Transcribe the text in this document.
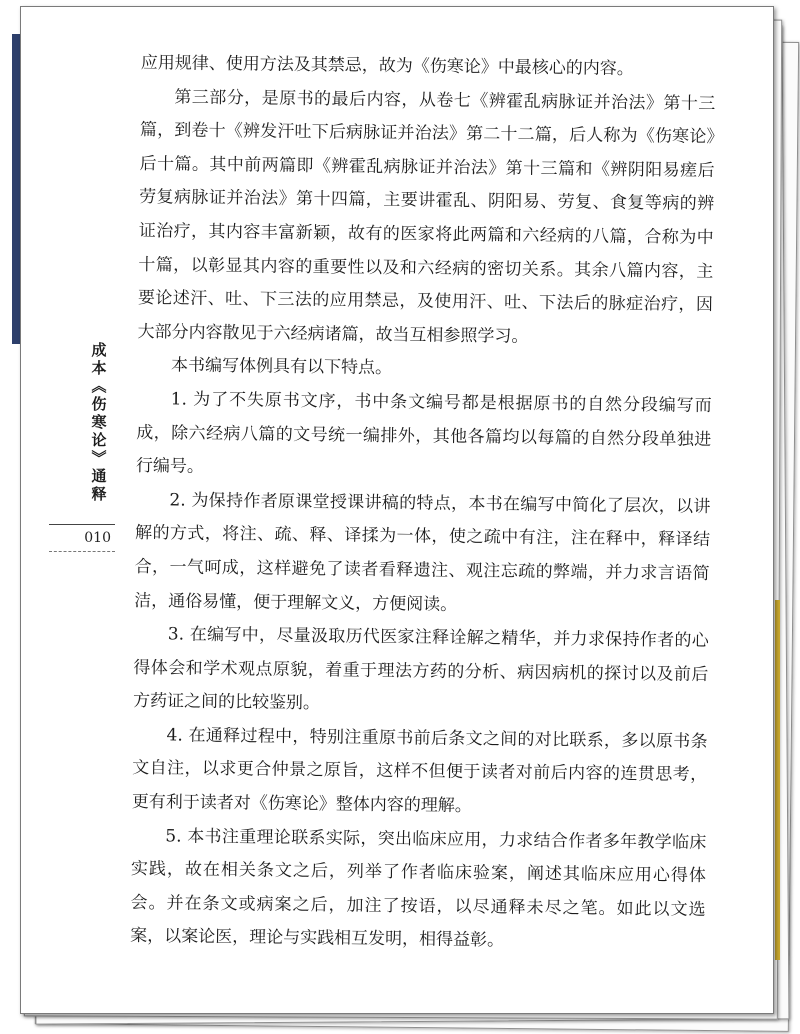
成本《伤寒论》通释
010

应用规律、使用方法及其禁忌，故为《伤寒论》中最核心的内容。

第三部分，是原书的最后内容，从卷七《辨霍乱病脉证并治法》第十三篇，到卷十《辨发汗吐下后病脉证并治法》第二十二篇，后人称为《伤寒论》后十篇。其中前两篇即《辨霍乱病脉证并治法》第十三篇和《辨阴阳易瘥后劳复病脉证并治法》第十四篇，主要讲霍乱、阴阳易、劳复、食复等病的辨证治疗，其内容丰富新颖，故有的医家将此两篇和六经病的八篇，合称为中十篇，以彰显其内容的重要性以及和六经病的密切关系。其余八篇内容，主要论述汗、吐、下三法的应用禁忌，及使用汗、吐、下法后的脉症治疗，因大部分内容散见于六经病诸篇，故当互相参照学习。

本书编写体例具有以下特点。

1. 为了不失原书文序，书中条文编号都是根据原书的自然分段编写而成，除六经病八篇的文号统一编排外，其他各篇均以每篇的自然分段单独进行编号。

2. 为保持作者原课堂授课讲稿的特点，本书在编写中简化了层次，以讲解的方式，将注、疏、释、译揉为一体，使之疏中有注，注在释中，释译结合，一气呵成，这样避免了读者看释遗注、观注忘疏的弊端，并力求言语简洁，通俗易懂，便于理解文义，方便阅读。

3. 在编写中，尽量汲取历代医家注释诠解之精华，并力求保持作者的心得体会和学术观点原貌，着重于理法方药的分析、病因病机的探讨以及前后方药证之间的比较鉴别。

4. 在通释过程中，特别注重原书前后条文之间的对比联系，多以原书条文自注，以求更合仲景之原旨，这样不但便于读者对前后内容的连贯思考，更有利于读者对《伤寒论》整体内容的理解。

5. 本书注重理论联系实际，突出临床应用，力求结合作者多年教学临床实践，故在相关条文之后，列举了作者临床验案，阐述其临床应用心得体会。并在条文或病案之后，加注了按语，以尽通释未尽之笔。如此以文选案，以案论医，理论与实践相互发明，相得益彰。
